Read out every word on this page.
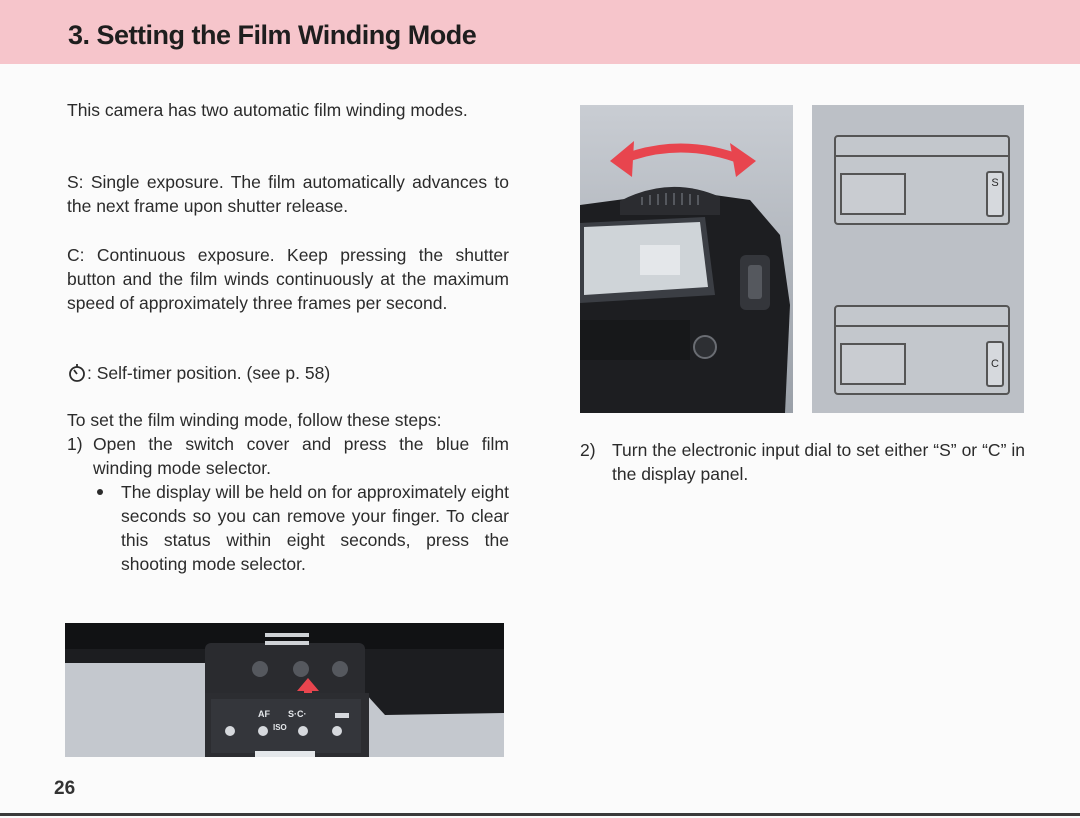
3. Setting the Film Winding Mode

This camera has two automatic film winding modes.

S: Single exposure. The film automatically advances to the next frame upon shutter release.

C: Continuous exposure. Keep pressing the shutter button and the film winds continuously at the maximum speed of approximately three frames per second.

: Self-timer position. (see p. 58)

To set the film winding mode, follow these steps:

1) Open the switch cover and press the blue film winding mode selector.
The display will be held on for approximately eight seconds so you can remove your finger. To clear this status within eight seconds, press the shooting mode selector.
2) Turn the electronic input dial to set either “S” or “C” in the display panel.
S
C
AF S·C·
ISO
26
